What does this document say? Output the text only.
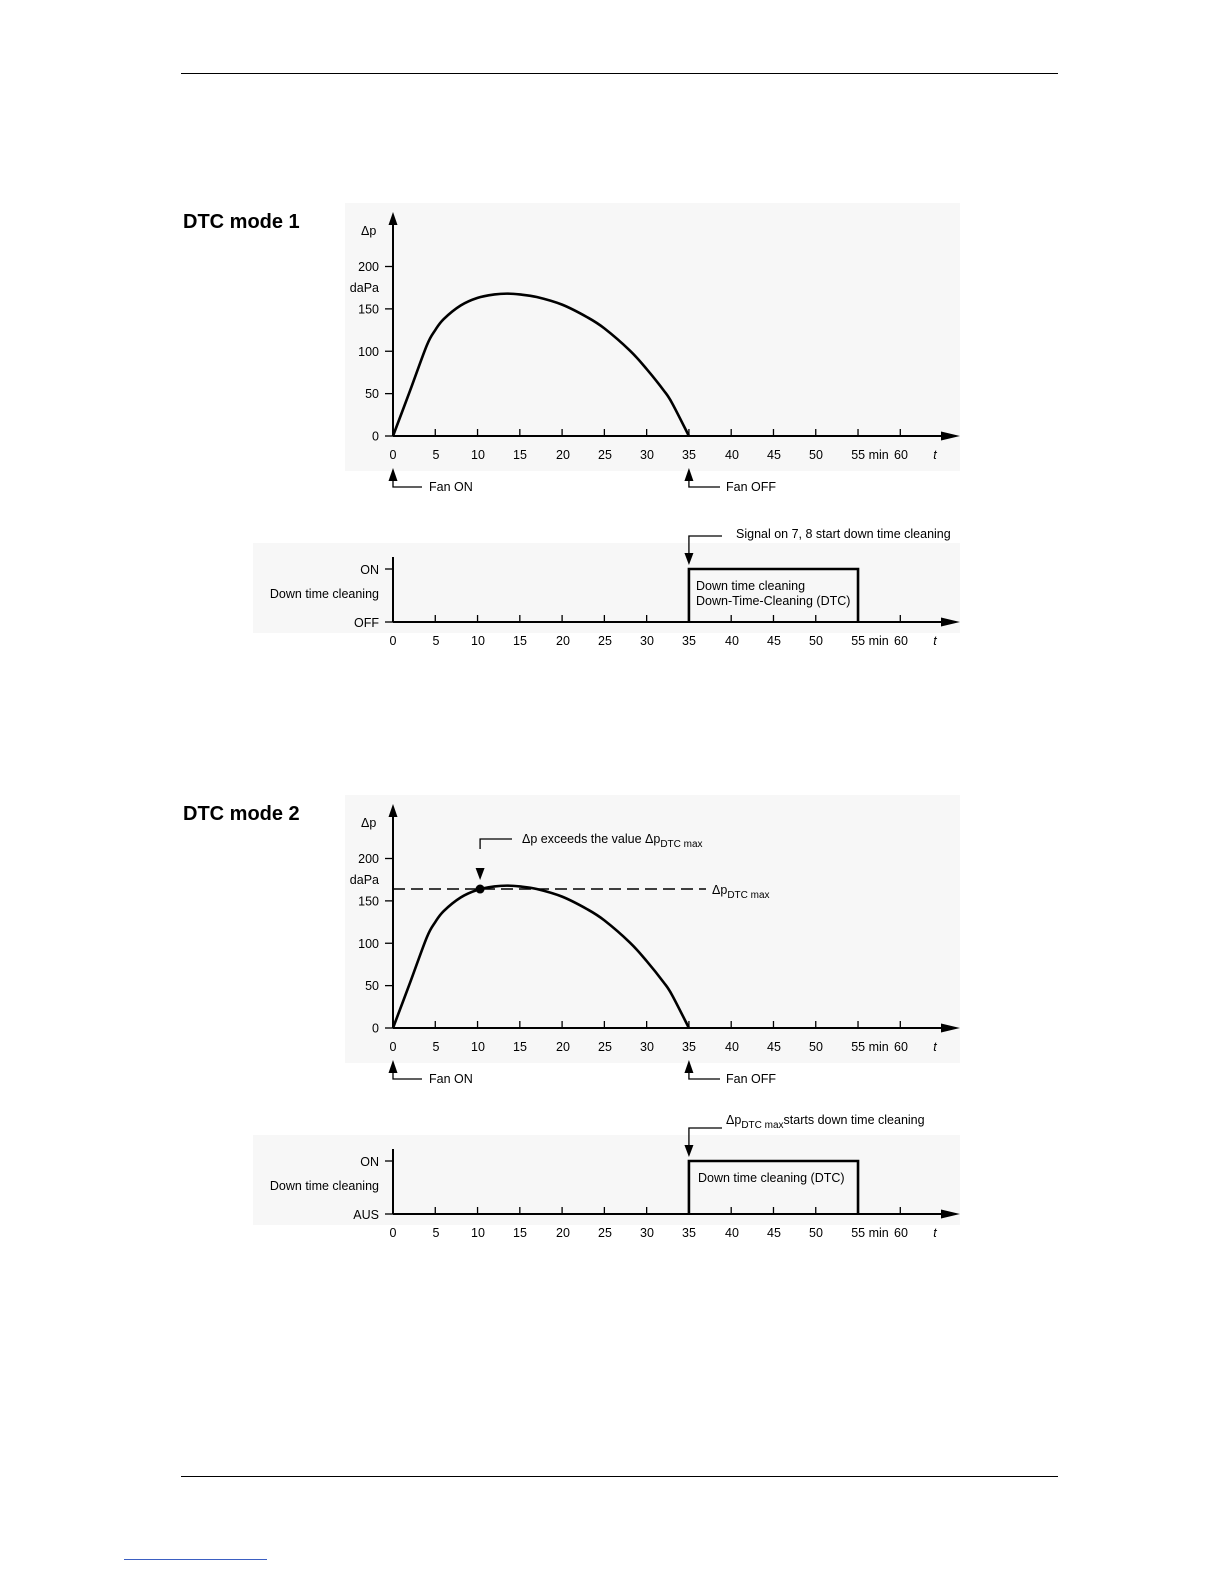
DTC mode 1
200
150
100
50
0
Δp
daPa
0	5	10 15 20 25 30 35 40 45 50 55 min 60 t
Fan ON	Fan OFF
ON
Down time cleaning
OFF
0	5	10 15 20 25 30 35 40 45 50 55 min 60 t
Down time cleaning
Down-Time-Cleaning (DTC)
Signal on 7, 8 start down time cleaning
DTC mode 2
200
150
100
50
0
Δp
daPa
0	5	10 15 20 25 30 35 40 45 50 55 min 60 t
Fan ON	Fan OFF
$\Delta p_{DTC max}$
Δp exceeds the value $\Delta p_{DTC max}$
ON
Down time cleaning
AUS
0	5	10 15 20 25 30 35 40 45 50 55 min 60 t
Down time cleaning (DTC)
$\Delta p_{DTC max}starts$ down time cleaning
